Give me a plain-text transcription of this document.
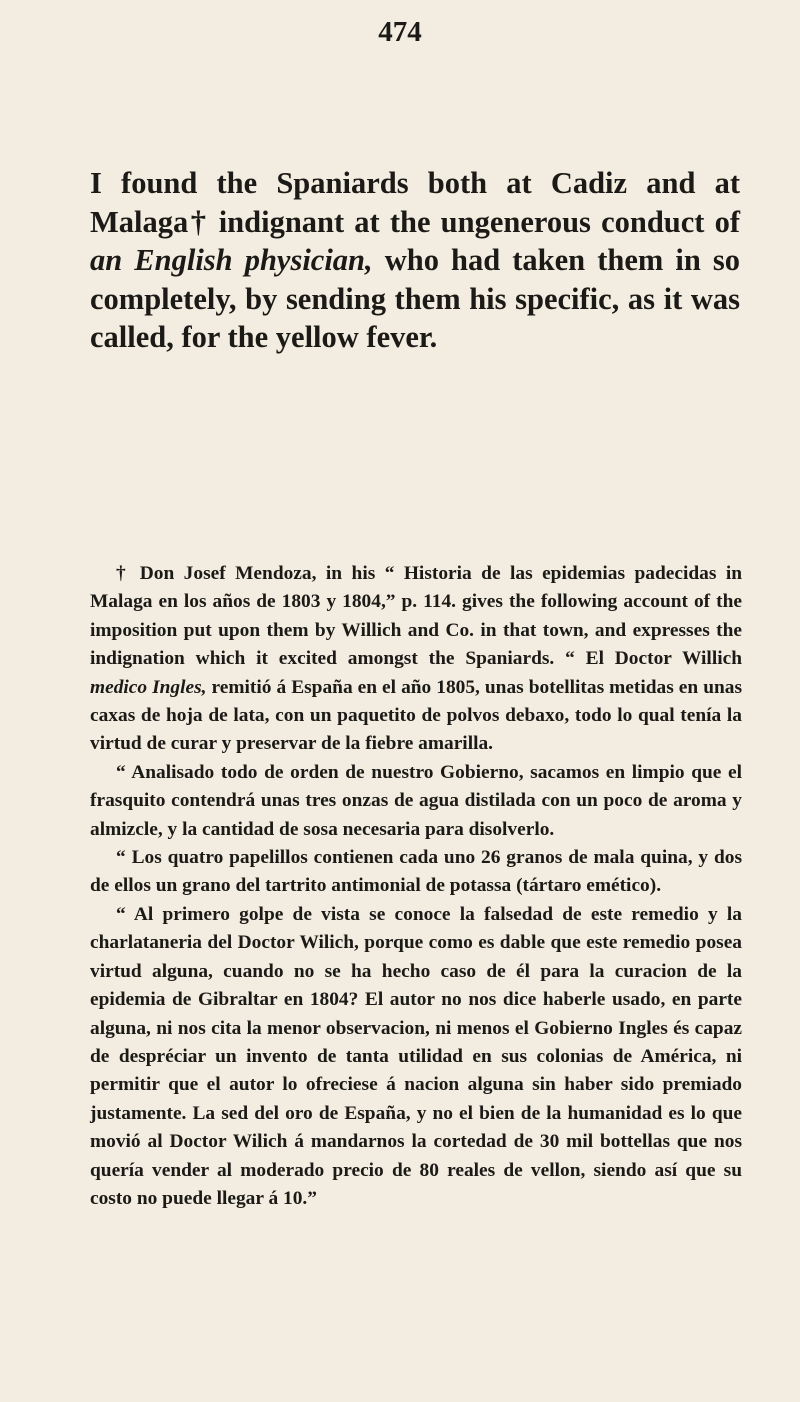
474

I found the Spaniards both at Cadiz and at Malaga† indignant at the ungenerous conduct of an English physician, who had taken them in so completely, by sending them his specific, as it was called, for the yellow fever.

† Don Josef Mendoza, in his “ Historia de las epidemias padecidas in Malaga en los años de 1803 y 1804,” p. 114. gives the following account of the imposition put upon them by Willich and Co. in that town, and expresses the indignation which it excited amongst the Spaniards. “ El Doctor Willich medico Ingles, remitió á España en el año 1805, unas botellitas metidas en unas caxas de hoja de lata, con un paquetito de polvos debaxo, todo lo qual tenía la virtud de curar y preservar de la fiebre amarilla.

“ Analisado todo de orden de nuestro Gobierno, sacamos en limpio que el frasquito contendrá unas tres onzas de agua distilada con un poco de aroma y almizcle, y la cantidad de sosa necesaria para disolverlo.

“ Los quatro papelillos contienen cada uno 26 granos de mala quina, y dos de ellos un grano del tartrito antimonial de potassa (tártaro emético).

“ Al primero golpe de vista se conoce la falsedad de este remedio y la charlataneria del Doctor Wilich, porque como es dable que este remedio posea virtud alguna, cuando no se ha hecho caso de él para la curacion de la epidemia de Gibraltar en 1804? El autor no nos dice haberle usado, en parte alguna, ni nos cita la menor observacion, ni menos el Gobierno Ingles és capaz de despréciar un invento de tanta utilidad en sus colonias de América, ni permitir que el autor lo ofreciese á nacion alguna sin haber sido premiado justamente. La sed del oro de España, y no el bien de la humanidad es lo que movió al Doctor Wilich á mandarnos la cortedad de 30 mil bottellas que nos quería vender al moderado precio de 80 reales de vellon, siendo así que su costo no puede llegar á 10.”
